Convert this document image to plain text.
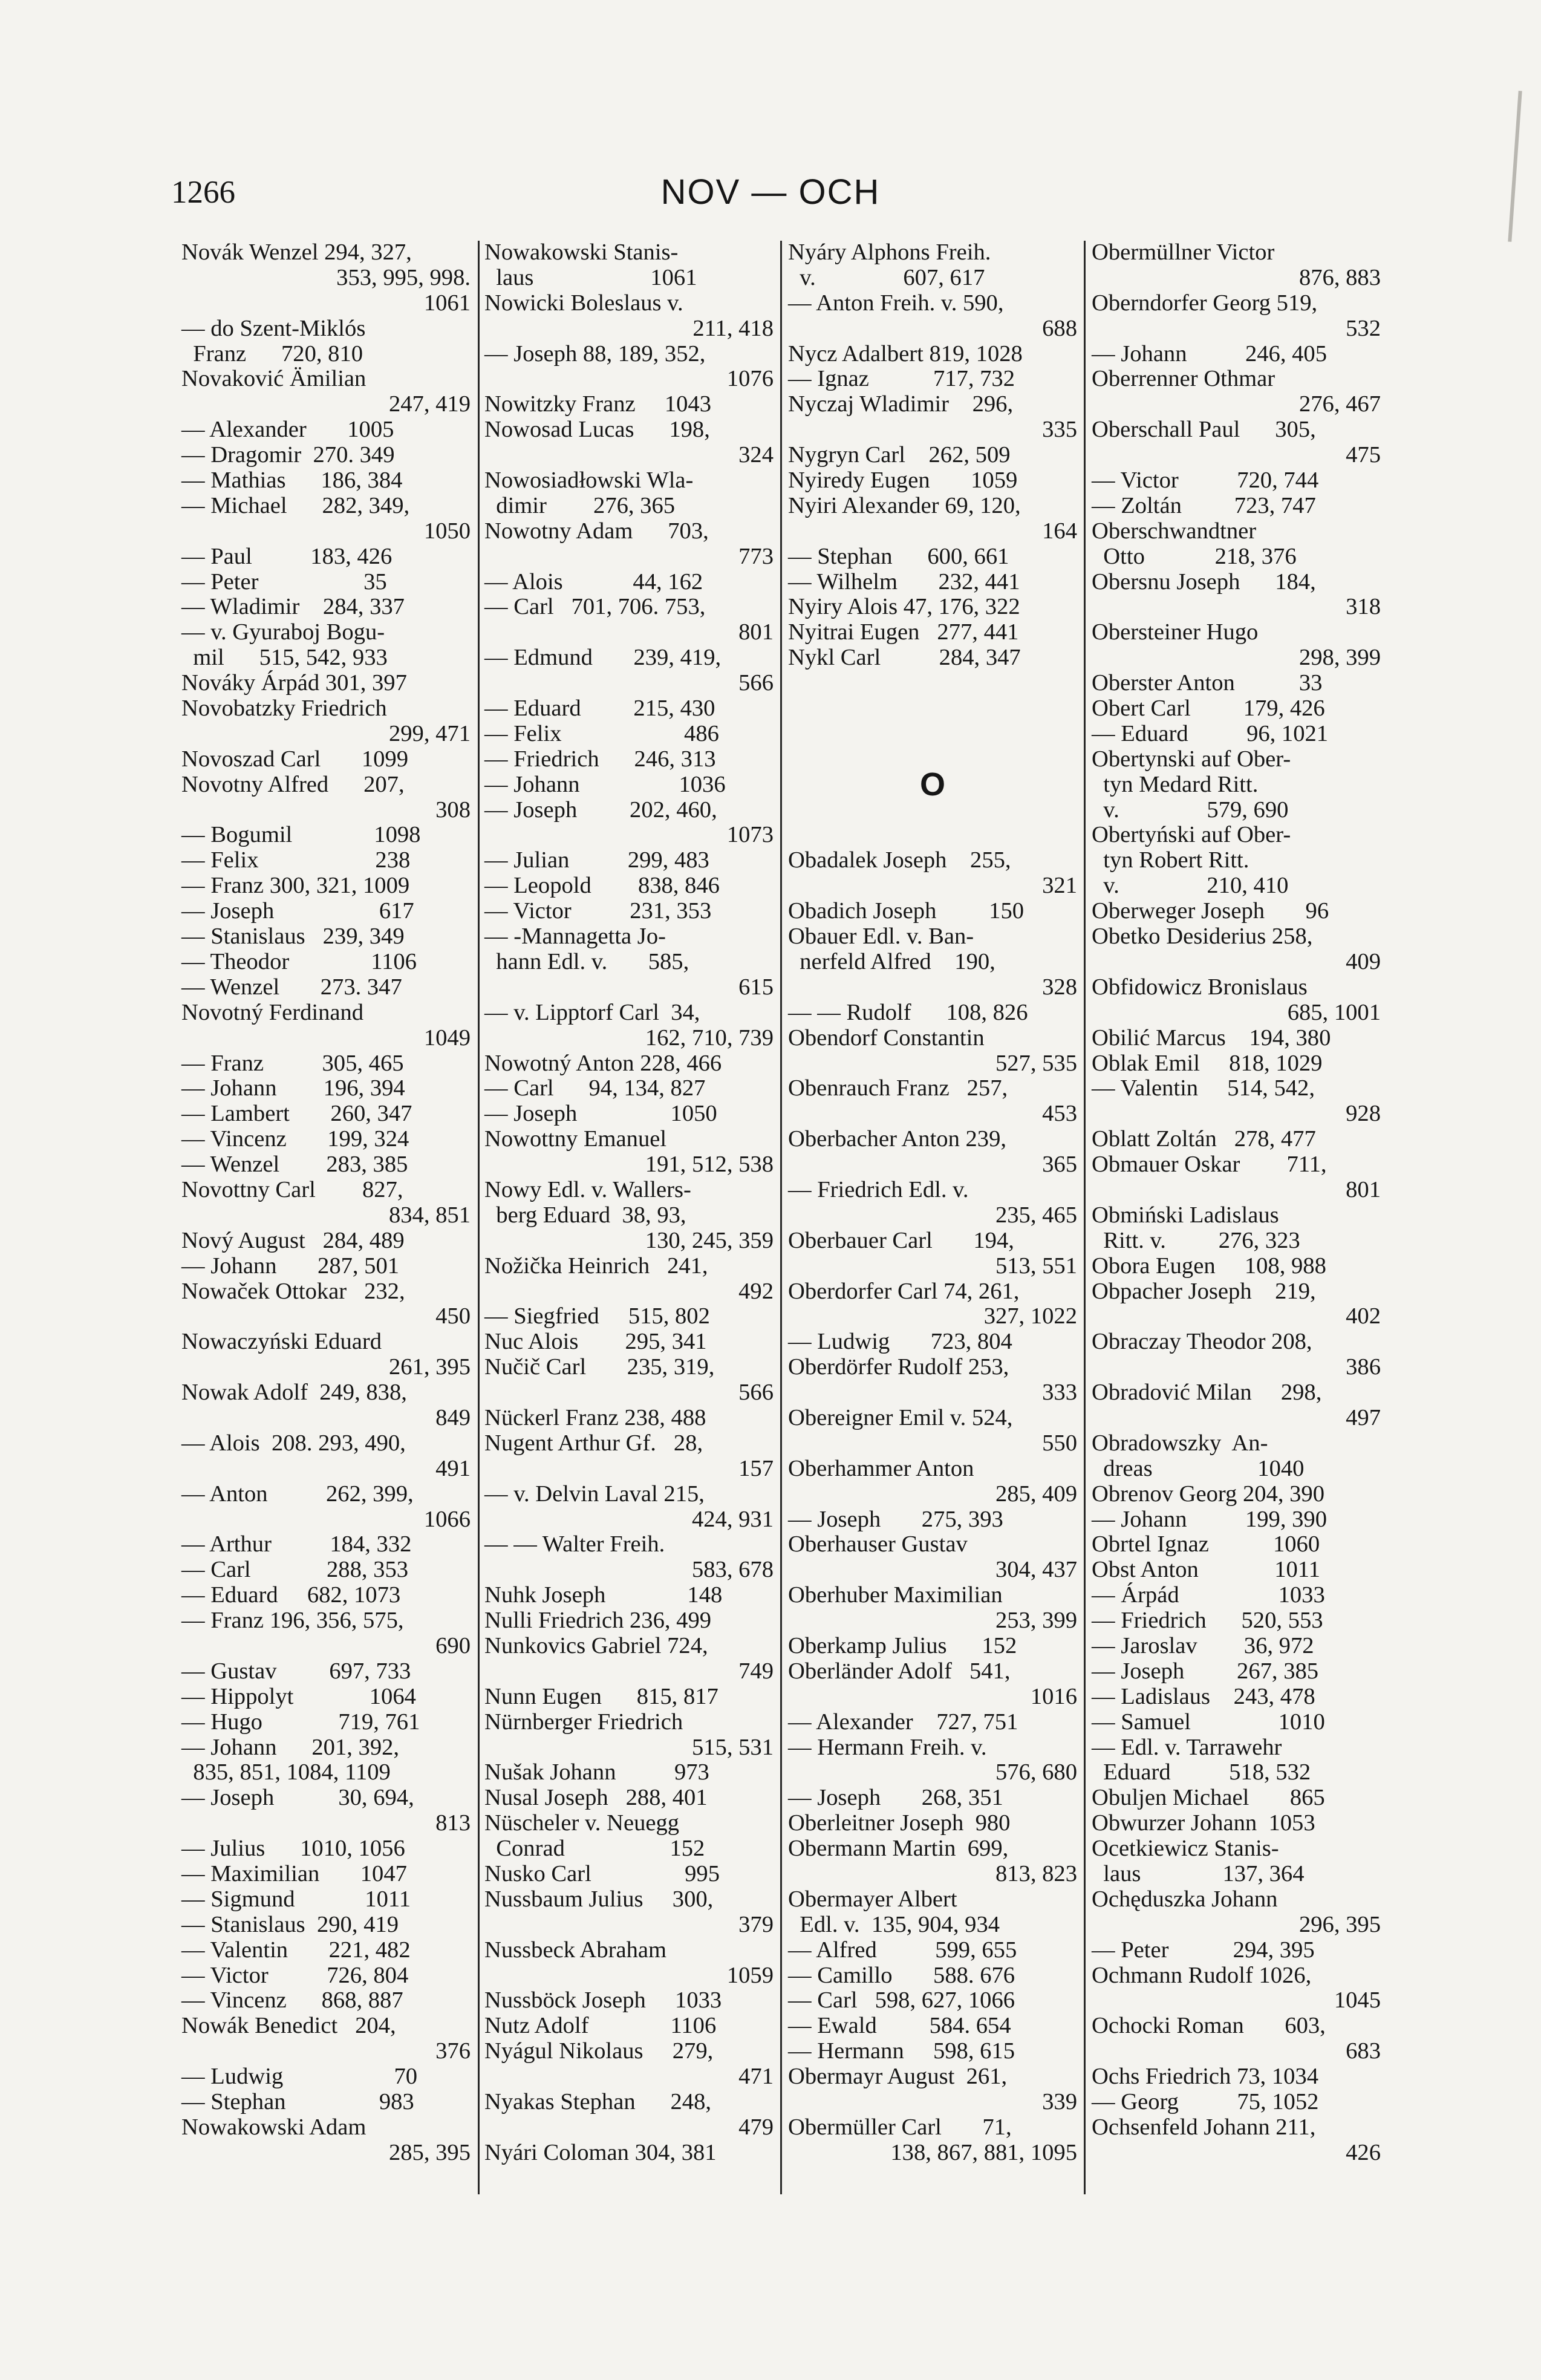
1266	NOV — OCH
Novák Wenzel 294, 327,
353, 995, 998.
1061
— do Szent-Miklós
Franz      720, 810
Novaković Ämilian
247, 419
— Alexander       1005
— Dragomir  270. 349
— Mathias      186, 384
— Michael      282, 349,
1050
— Paul          183, 426
— Peter                  35
— Wladimir    284, 337
— v. Gyuraboj Bogu-
mil      515, 542, 933
Nováky Árpád 301, 397
Novobatzky Friedrich
299, 471
Novoszad Carl       1099
Novotny Alfred      207,
308
— Bogumil              1098
— Felix                    238
— Franz 300, 321, 1009
— Joseph                  617
— Stanislaus   239, 349
— Theodor              1106
— Wenzel       273. 347
Novotný Ferdinand
1049
— Franz          305, 465
— Johann        196, 394
— Lambert       260, 347
— Vincenz       199, 324
— Wenzel        283, 385
Novottny Carl        827,
834, 851
Nový August   284, 489
— Johann       287, 501
Nowaček Ottokar   232,
450
Nowaczyński Eduard
261, 395
Nowak Adolf  249, 838,
849
— Alois  208. 293, 490,
491
— Anton          262, 399,
1066
— Arthur          184, 332
— Carl             288, 353
— Eduard     682, 1073
— Franz 196, 356, 575,
690
— Gustav         697, 733
— Hippolyt             1064
— Hugo             719, 761
— Johann      201, 392,
835, 851, 1084, 1109
— Joseph           30, 694,
813
— Julius      1010, 1056
— Maximilian       1047
— Sigmund            1011
— Stanislaus  290, 419
— Valentin       221, 482
— Victor          726, 804
— Vincenz      868, 887
Nowák Benedict   204,
376
— Ludwig                   70
— Stephan                983
Nowakowski Adam
285, 395
Nowakowski Stanis-
laus                    1061
Nowicki Boleslaus v.
211, 418
— Joseph 88, 189, 352,
1076
Nowitzky Franz     1043
Nowosad Lucas      198,
324
Nowosiadłowski Wla-
dimir        276, 365
Nowotny Adam      703,
773
— Alois            44, 162
— Carl   701, 706. 753,
801
— Edmund       239, 419,
566
— Eduard         215, 430
— Felix                     486
— Friedrich      246, 313
— Johann                 1036
— Joseph         202, 460,
1073
— Julian          299, 483
— Leopold        838, 846
— Victor          231, 353
— -Mannagetta Jo-
hann Edl. v.       585,
615
— v. Lipptorf Carl  34,
162, 710, 739
Nowotný Anton 228, 466
— Carl      94, 134, 827
— Joseph                1050
Nowottny Emanuel
191, 512, 538
Nowy Edl. v. Wallers-
berg Eduard  38, 93,
130, 245, 359
Nožička Heinrich   241,
492
— Siegfried     515, 802
Nuc Alois        295, 341
Nučič Carl       235, 319,
566
Nückerl Franz 238, 488
Nugent Arthur Gf.   28,
157
— v. Delvin Laval 215,
424, 931
— — Walter Freih.
583, 678
Nuhk Joseph              148
Nulli Friedrich 236, 499
Nunkovics Gabriel 724,
749
Nunn Eugen      815, 817
Nürnberger Friedrich
515, 531
Nušak Johann          973
Nusal Joseph   288, 401
Nüscheler v. Neuegg
Conrad                  152
Nusko Carl                995
Nussbaum Julius     300,
379
Nussbeck Abraham
1059
Nussböck Joseph     1033
Nutz Adolf              1106
Nyágul Nikolaus     279,
471
Nyakas Stephan      248,
479
Nyári Coloman 304, 381
Nyáry Alphons Freih.
v.               607, 617
— Anton Freih. v. 590,
688
Nycz Adalbert 819, 1028
— Ignaz           717, 732
Nyczaj Wladimir    296,
335
Nygryn Carl    262, 509
Nyiredy Eugen       1059
Nyiri Alexander 69, 120,
164
— Stephan      600, 661
— Wilhelm       232, 441
Nyiry Alois 47, 176, 322
Nyitrai Eugen   277, 441
Nykl Carl          284, 347
O
Obadalek Joseph    255,
321
Obadich Joseph         150
Obauer Edl. v. Ban-
nerfeld Alfred    190,
328
— — Rudolf      108, 826
Obendorf Constantin
527, 535
Obenrauch Franz   257,
453
Oberbacher Anton 239,
365
— Friedrich Edl. v.
235, 465
Oberbauer Carl       194,
513, 551
Oberdorfer Carl 74, 261,
327, 1022
— Ludwig       723, 804
Oberdörfer Rudolf 253,
333
Obereigner Emil v. 524,
550
Oberhammer Anton
285, 409
— Joseph       275, 393
Oberhauser Gustav
304, 437
Oberhuber Maximilian
253, 399
Oberkamp Julius      152
Oberländer Adolf   541,
1016
— Alexander    727, 751
— Hermann Freih. v.
576, 680
— Joseph       268, 351
Oberleitner Joseph  980
Obermann Martin  699,
813, 823
Obermayer Albert
Edl. v.  135, 904, 934
— Alfred          599, 655
— Camillo       588. 676
— Carl   598, 627, 1066
— Ewald         584. 654
— Hermann     598, 615
Obermayr August  261,
339
Obermüller Carl       71,
138, 867, 881, 1095
Obermüllner Victor
876, 883
Oberndorfer Georg 519,
532
— Johann          246, 405
Oberrenner Othmar
276, 467
Oberschall Paul      305,
475
— Victor          720, 744
— Zoltán         723, 747
Oberschwandtner
Otto            218, 376
Obersnu Joseph      184,
318
Obersteiner Hugo
298, 399
Oberster Anton           33
Obert Carl         179, 426
— Eduard          96, 1021
Obertynski auf Ober-
tyn Medard Ritt.
v.               579, 690
Obertyński auf Ober-
tyn Robert Ritt.
v.               210, 410
Oberweger Joseph       96
Obetko Desiderius 258,
409
Obfidowicz Bronislaus
685, 1001
Obilić Marcus    194, 380
Oblak Emil     818, 1029
— Valentin     514, 542,
928
Oblatt Zoltán   278, 477
Obmauer Oskar        711,
801
Obmiński Ladislaus
Ritt. v.         276, 323
Obora Eugen     108, 988
Obpacher Joseph    219,
402
Obraczay Theodor 208,
386
Obradović Milan     298,
497
Obradowszky  An-
dreas                  1040
Obrenov Georg 204, 390
— Johann          199, 390
Obrtel Ignaz           1060
Obst Anton             1011
— Árpád                 1033
— Friedrich      520, 553
— Jaroslav        36, 972
— Joseph         267, 385
— Ladislaus    243, 478
— Samuel               1010
— Edl. v. Tarrawehr
Eduard          518, 532
Obuljen Michael       865
Obwurzer Johann  1053
Ocetkiewicz Stanis-
laus              137, 364
Ochęduszka Johann
296, 395
— Peter           294, 395
Ochmann Rudolf 1026,
1045
Ochocki Roman       603,
683
Ochs Friedrich 73, 1034
— Georg          75, 1052
Ochsenfeld Johann 211,
426
